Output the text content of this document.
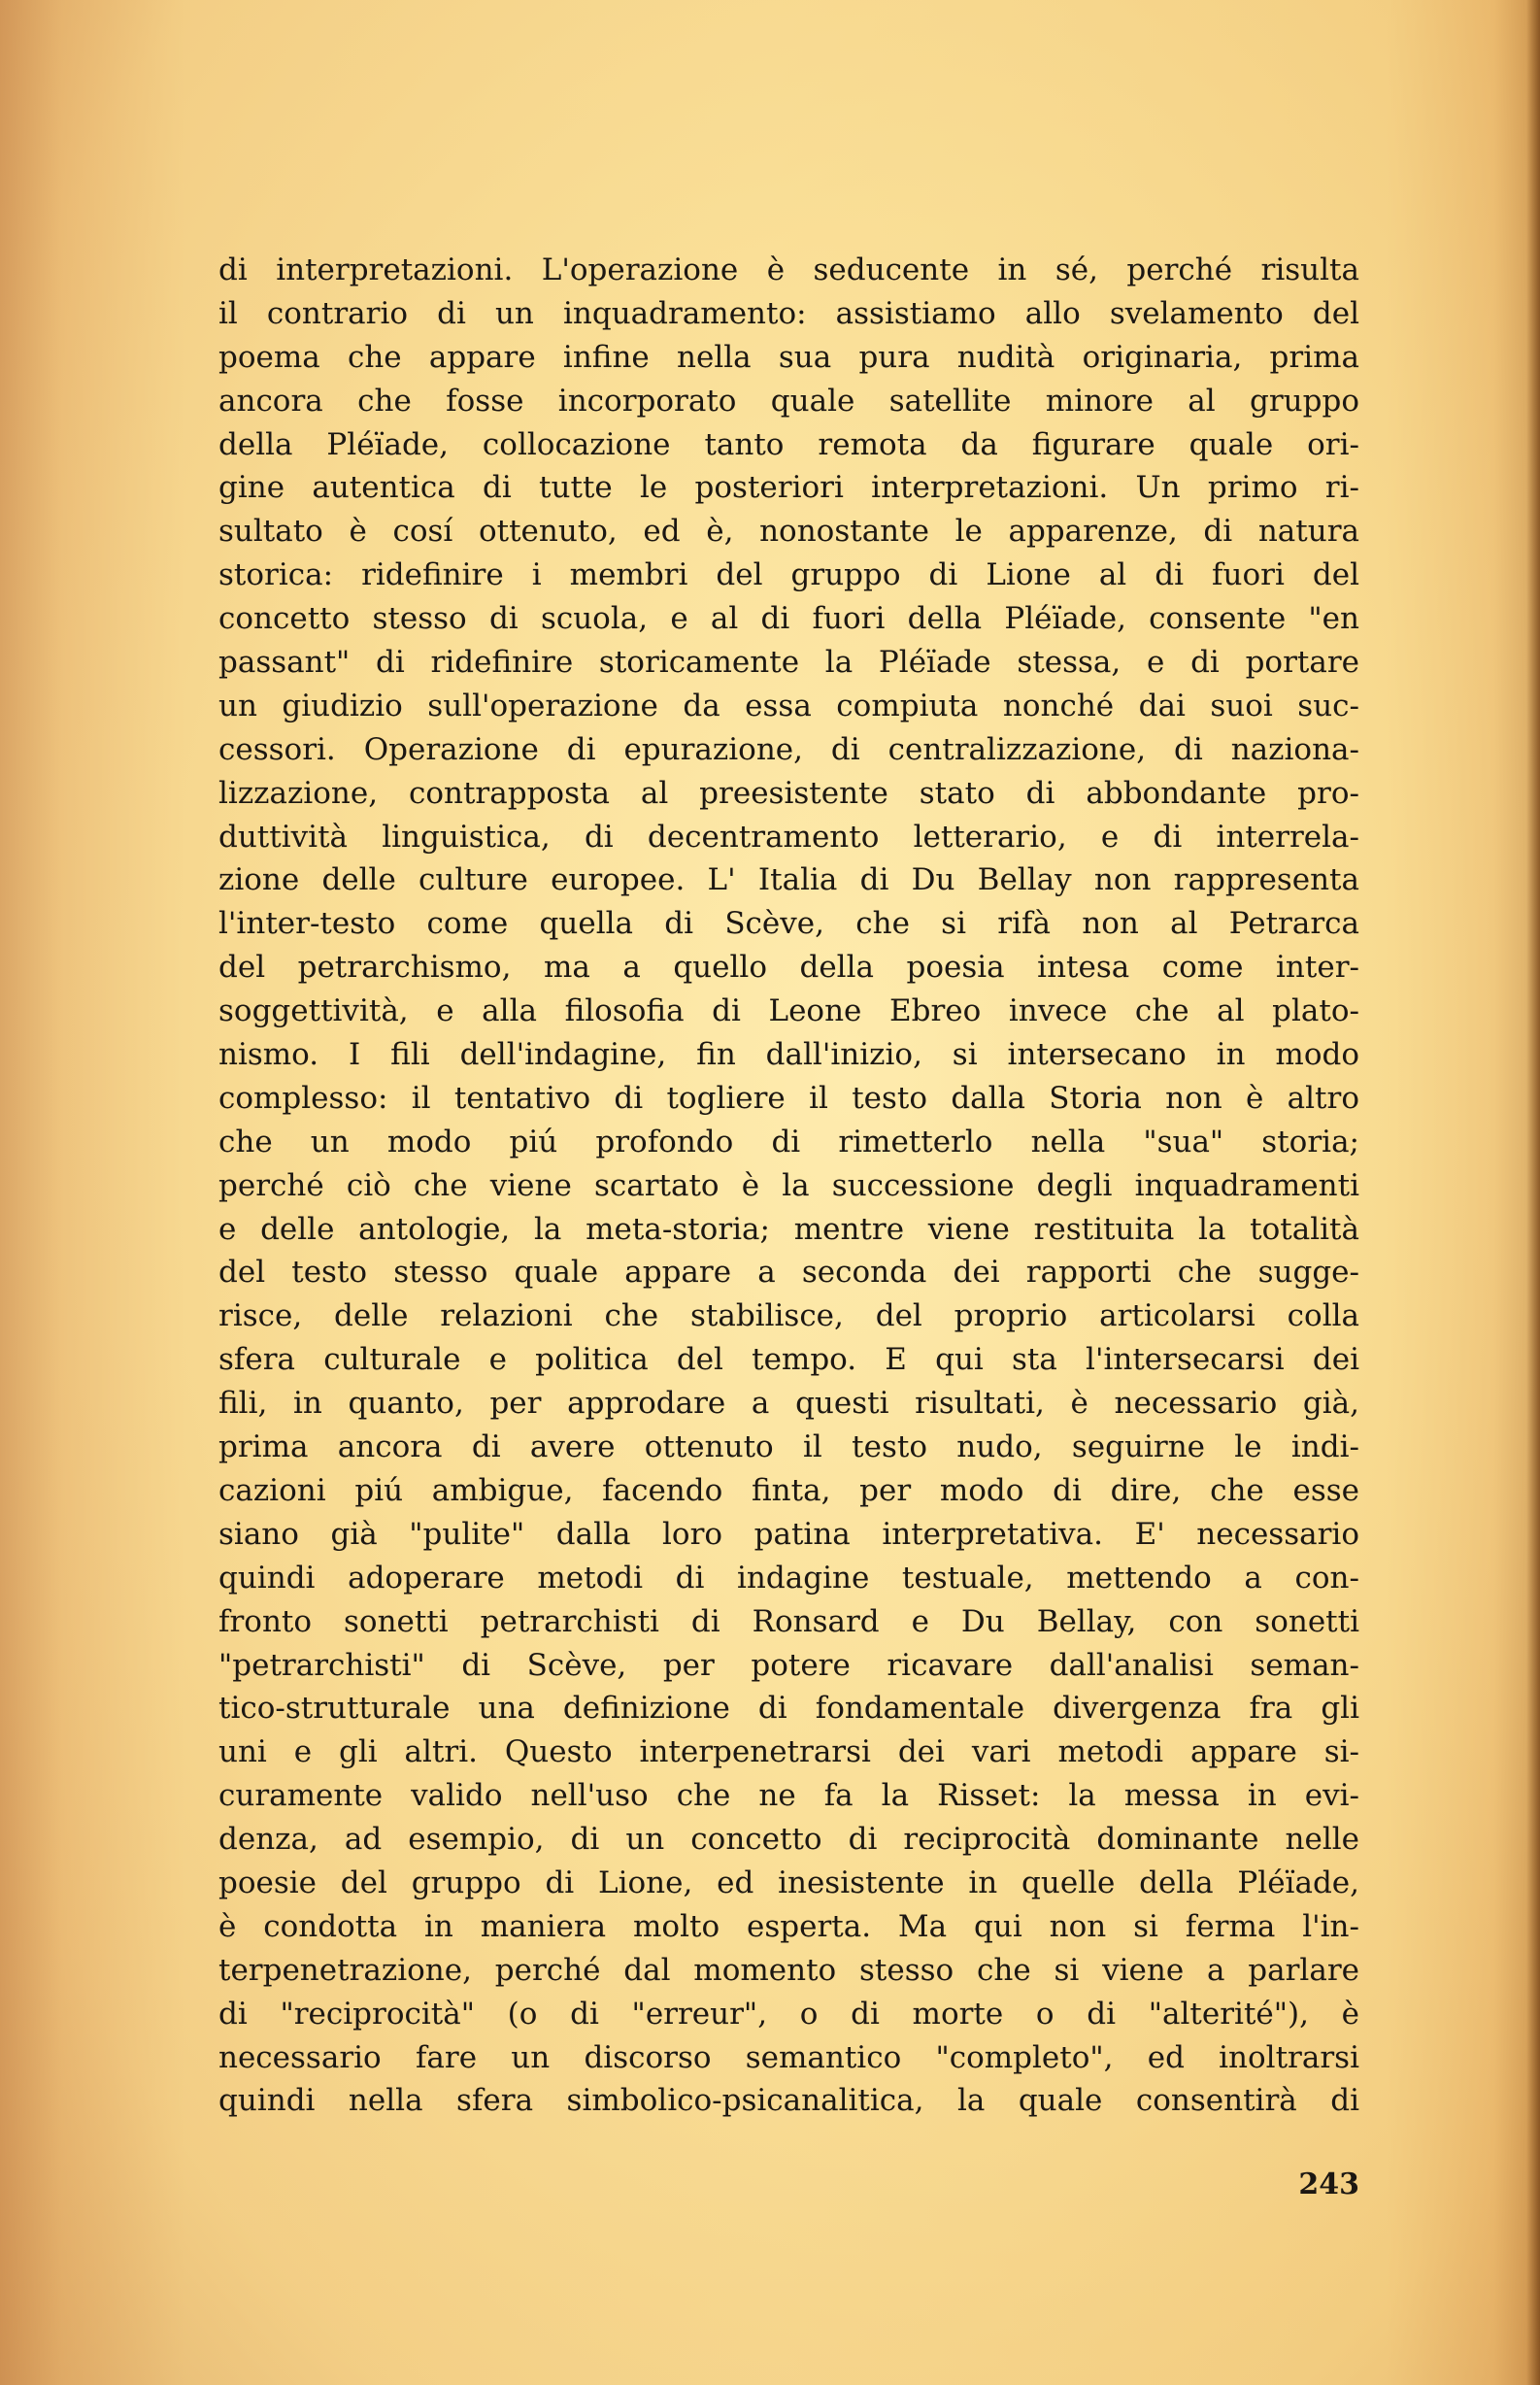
di interpretazioni. L'operazione è seducente in sé, perché risulta
il contrario di un inquadramento: assistiamo allo svelamento del
poema che appare infine nella sua pura nudità originaria, prima
ancora che fosse incorporato quale satellite minore al gruppo
della Pléïade, collocazione tanto remota da figurare quale ori-
gine autentica di tutte le posteriori interpretazioni. Un primo ri-
sultato è cosí ottenuto, ed è, nonostante le apparenze, di natura
storica: ridefinire i membri del gruppo di Lione al di fuori del
concetto stesso di scuola, e al di fuori della Pléïade, consente "en
passant" di ridefinire storicamente la Pléïade stessa, e di portare
un giudizio sull'operazione da essa compiuta nonché dai suoi suc-
cessori. Operazione di epurazione, di centralizzazione, di naziona-
lizzazione, contrapposta al preesistente stato di abbondante pro-
duttività linguistica, di decentramento letterario, e di interrela-
zione delle culture europee. L' Italia di Du Bellay non rappresenta
l'inter-testo come quella di Scève, che si rifà non al Petrarca
del petrarchismo, ma a quello della poesia intesa come inter-
soggettività, e alla filosofia di Leone Ebreo invece che al plato-
nismo. I fili dell'indagine, fin dall'inizio, si intersecano in modo
complesso: il tentativo di togliere il testo dalla Storia non è altro
che un modo piú profondo di rimetterlo nella "sua" storia;
perché ciò che viene scartato è la successione degli inquadramenti
e delle antologie, la meta-storia; mentre viene restituita la totalità
del testo stesso quale appare a seconda dei rapporti che sugge-
risce, delle relazioni che stabilisce, del proprio articolarsi colla
sfera culturale e politica del tempo. E qui sta l'intersecarsi dei
fili, in quanto, per approdare a questi risultati, è necessario già,
prima ancora di avere ottenuto il testo nudo, seguirne le indi-
cazioni piú ambigue, facendo finta, per modo di dire, che esse
siano già "pulite" dalla loro patina interpretativa. E' necessario
quindi adoperare metodi di indagine testuale, mettendo a con-
fronto sonetti petrarchisti di Ronsard e Du Bellay, con sonetti
"petrarchisti" di Scève, per potere ricavare dall'analisi seman-
tico-strutturale una definizione di fondamentale divergenza fra gli
uni e gli altri. Questo interpenetrarsi dei vari metodi appare si-
curamente valido nell'uso che ne fa la Risset: la messa in evi-
denza, ad esempio, di un concetto di reciprocità dominante nelle
poesie del gruppo di Lione, ed inesistente in quelle della Pléïade,
è condotta in maniera molto esperta. Ma qui non si ferma l'in-
terpenetrazione, perché dal momento stesso che si viene a parlare
di "reciprocità" (o di "erreur", o di morte o di "alterité"), è
necessario fare un discorso semantico "completo", ed inoltrarsi
quindi nella sfera simbolico-psicanalitica, la quale consentirà di
243
